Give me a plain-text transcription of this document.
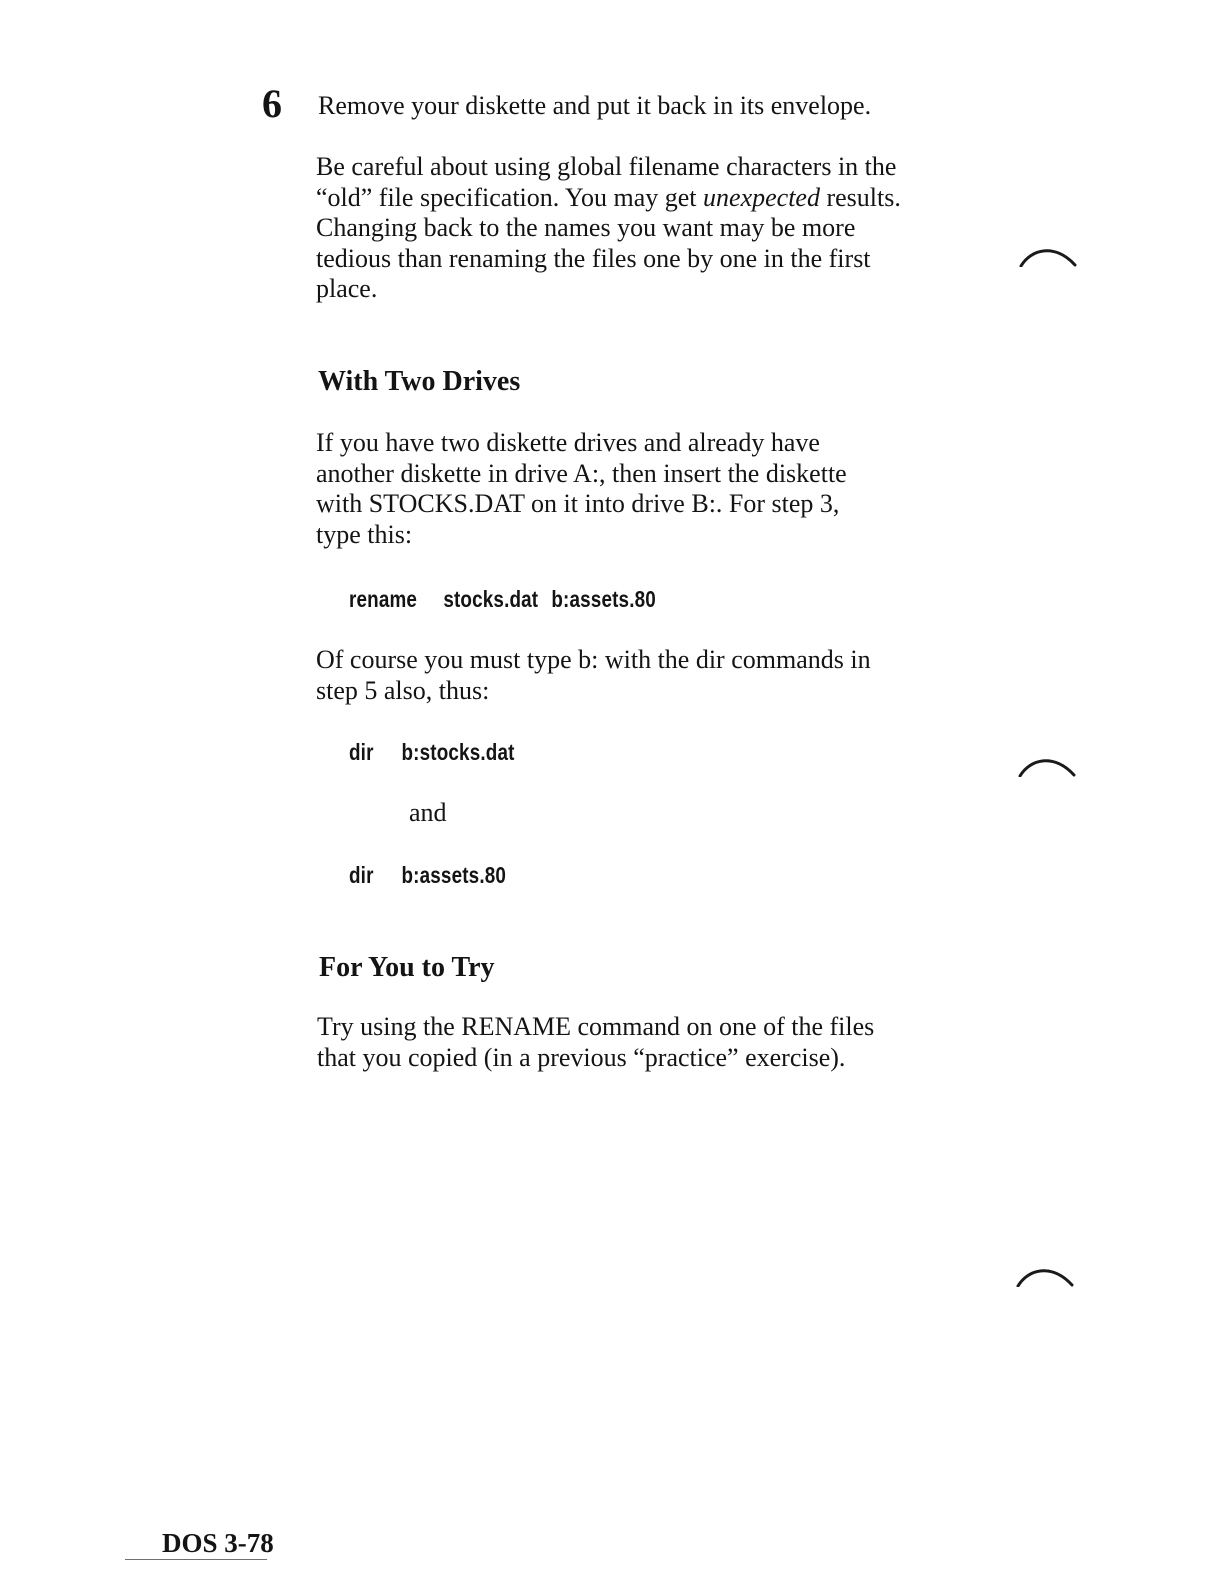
6 Remove your diskette and put it back in its envelope.
Be careful about using global filename characters in the
“old” file specification. You may get unexpected results.
Changing back to the names you want may be more
tedious than renaming the files one by one in the first
place.
With Two Drives
If you have two diskette drives and already have
another diskette in drive A:, then insert the diskette
with STOCKS.DAT on it into drive B:. For step 3,
type this:
rename stocks.dat b:assets.80
Of course you must type b: with the dir commands in
step 5 also, thus:
dir b:stocks.dat
and
dir b:assets.80
For You to Try
Try using the RENAME command on one of the files
that you copied (in a previous “practice” exercise).
DOS 3-78
